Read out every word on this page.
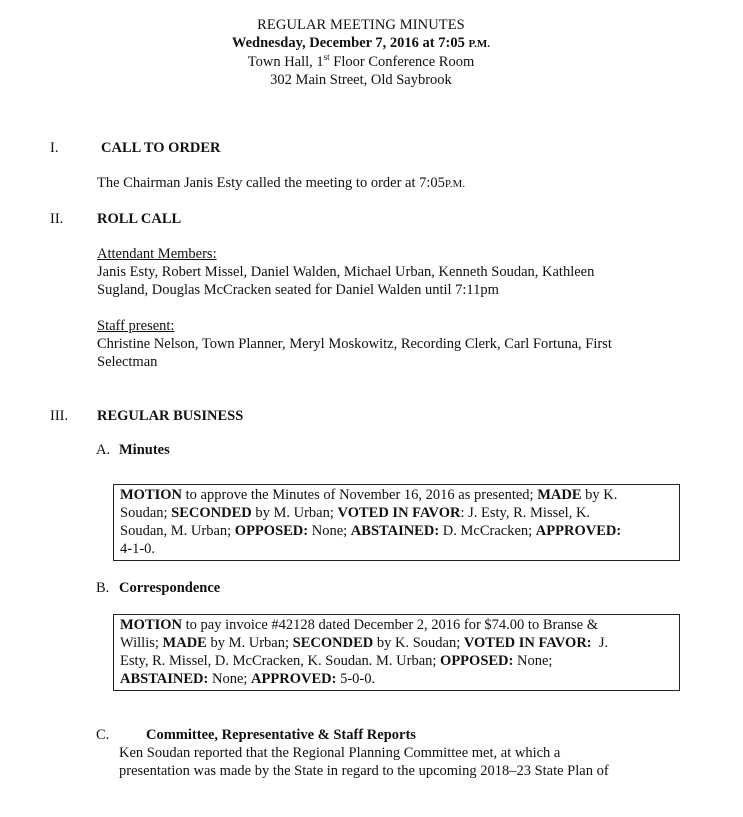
REGULAR MEETING MINUTES
Wednesday, December 7, 2016 at 7:05 P.M.
Town Hall, 1st Floor Conference Room
302 Main Street, Old Saybrook
I.	CALL TO ORDER
The Chairman Janis Esty called the meeting to order at 7:05P.M.
II. ROLL CALL
Attendant Members:
Janis Esty, Robert Missel, Daniel Walden, Michael Urban, Kenneth Soudan, Kathleen
Sugland, Douglas McCracken seated for Daniel Walden until 7:11pm
Staff present:
Christine Nelson, Town Planner, Meryl Moskowitz, Recording Clerk, Carl Fortuna, First
Selectman
III. REGULAR BUSINESS
A. Minutes
MOTION to approve the Minutes of November 16, 2016 as presented; MADE by K.
Soudan; SECONDED by M. Urban; VOTED IN FAVOR: J. Esty, R. Missel, K.
Soudan, M. Urban; OPPOSED: None; ABSTAINED: D. McCracken; APPROVED:
4-1-0.
B. Correspondence
MOTION to pay invoice #42128 dated December 2, 2016 for $74.00 to Branse &
Willis; MADE by M. Urban; SECONDED by K. Soudan; VOTED IN FAVOR:  J.
Esty, R. Missel, D. McCracken, K. Soudan. M. Urban; OPPOSED: None;
ABSTAINED: None; APPROVED: 5-0-0.
C.	Committee, Representative & Staff Reports
Ken Soudan reported that the Regional Planning Committee met, at which a
presentation was made by the State in regard to the upcoming 2018–23 State Plan of
